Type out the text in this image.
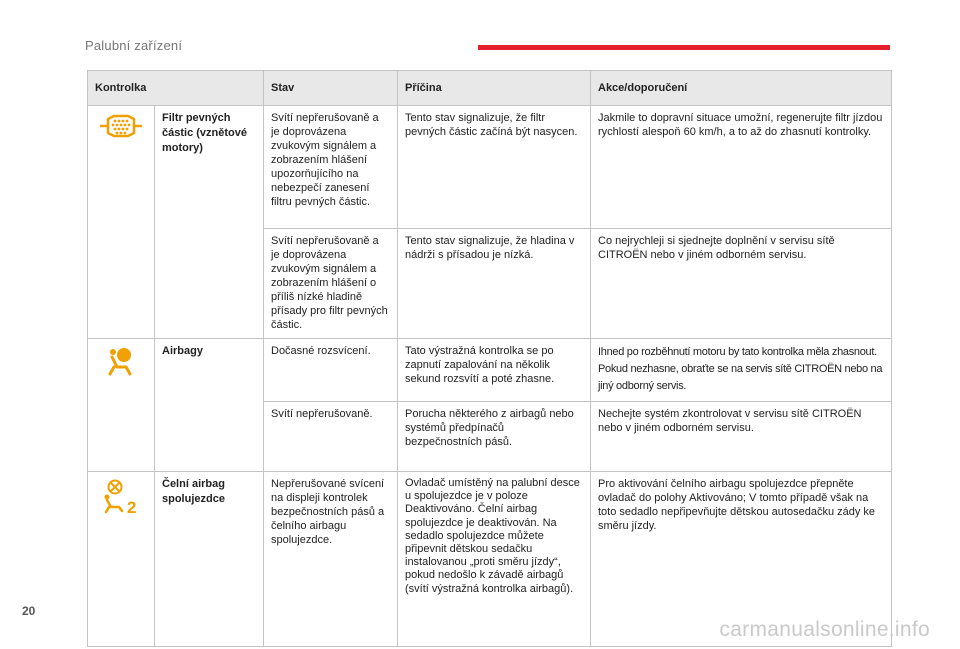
Palubní zařízení
Kontrolka		Stav	Příčina	Akce/doporučení
	Filtr pevných částic (vznětové motory)	Svítí nepřerušovaně a je doprovázena zvukovým signálem a zobrazením hlášení upozorňujícího na nebezpečí zanesení filtru pevných částic.	Tento stav signalizuje, že filtr pevných částic začíná být nasycen.	Jakmile to dopravní situace umožní, regenerujte filtr jízdou rychlostí alespoň 60 km/h, a to až do zhasnutí kontrolky.
		Svítí nepřerušovaně a je doprovázena zvukovým signálem a zobrazením hlášení o příliš nízké hladině přísady pro filtr pevných částic.	Tento stav signalizuje, že hladina v nádrži s přísadou je nízká.	Co nejrychleji si sjednejte doplnění v servisu sítě CITROËN nebo v jiném odborném servisu.
	Airbagy	Dočasné rozsvícení.	Tato výstražná kontrolka se po zapnutí zapalování na několik sekund rozsvítí a poté zhasne.	Ihned po rozběhnutí motoru by tato kontrolka měla zhasnout. Pokud nezhasne, obraťte se na servis sítě CITROËN nebo na jiný odborný servis.
		Svítí nepřerušovaně.	Porucha některého z airbagů nebo systémů předpínačů bezpečnostních pásů.	Nechejte systém zkontrolovat v servisu sítě CITROËN nebo v jiném odborném servisu.

2	Čelní airbag spolujezdce	Nepřerušované svícení na displeji kontrolek bezpečnostních pásů a čelního airbagu spolujezdce.	Ovladač umístěný na palubní desce u spolujezdce je v poloze Deaktivováno. Čelní airbag spolujezdce je deaktivován. Na sedadlo spolujezdce můžete připevnit dětskou sedačku instalovanou „proti směru jízdy“, pokud nedošlo k závadě airbagů (svítí výstražná kontrolka airbagů).	Pro aktivování čelního airbagu spolujezdce přepněte ovladač do polohy Aktivováno; V tomto případě však na toto sedadlo nepřipevňujte dětskou autosedačku zády ke směru jízdy.
20
carmanualsonline.info
